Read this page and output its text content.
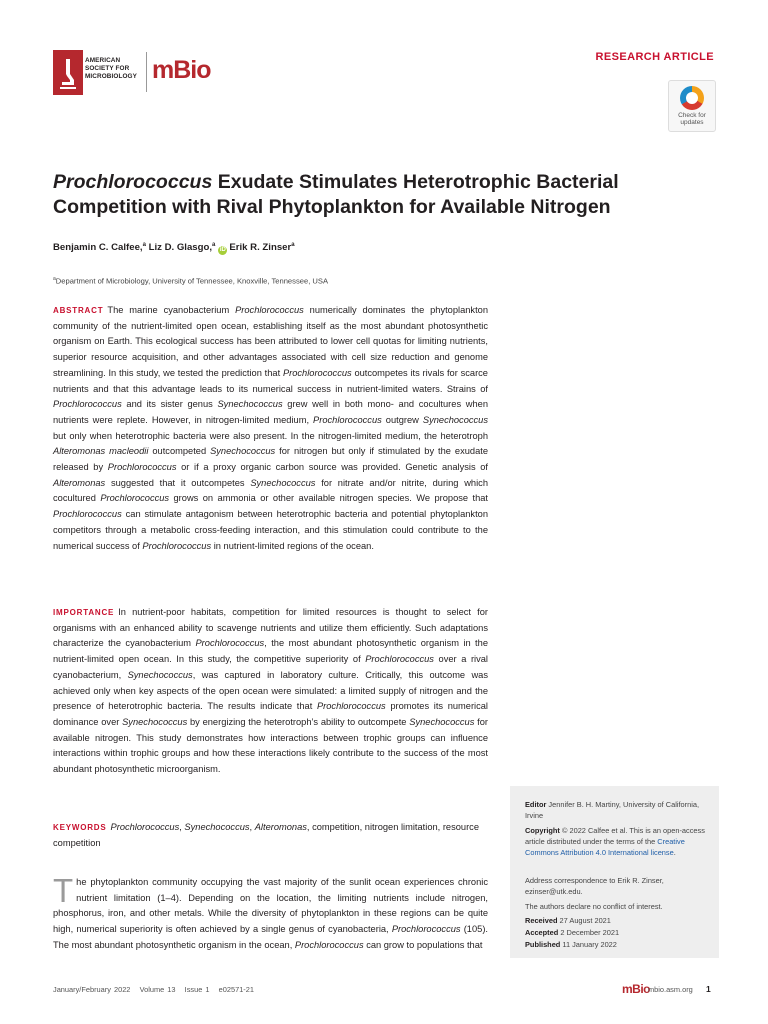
AMERICAN
SOCIETY FOR
MICROBIOLOGY mBio	RESEARCH ARTICLE
Check for updates
Prochlorococcus Exudate Stimulates Heterotrophic Bacterial Competition with Rival Phytoplankton for Available Nitrogen
Benjamin C. Calfee,$^a$ Liz D. Glasgo,$^a$iD Erik R. Zinser$^a$
$^a$Department of Microbiology, University of Tennessee, Knoxville, Tennessee, USA
ABSTRACT The marine cyanobacterium Prochlorococcus numerically dominates the phytoplankton community of the nutrient-limited open ocean, establishing itself as the most abundant photosynthetic organism on Earth. This ecological success has been attributed to lower cell quotas for limiting nutrients, superior resource acquisition, and other advantages associated with cell size reduction and genome streamlining. In this study, we tested the prediction that Prochlorococcus outcompetes its rivals for scarce nutrients and that this advantage leads to its numerical success in nutrient-limited waters. Strains of Prochlorococcus and its sister genus Synechococcus grew well in both mono- and cocultures when nutrients were replete. However, in nitrogen-limited medium, Prochlorococcus outgrew Synechococcus but only when heterotrophic bacteria were also present. In the nitrogen-limited medium, the heterotroph Alteromonas macleodii outcompeted Synechococcus for nitrogen but only if stimulated by the exudate released by Prochlorococcus or if a proxy organic carbon source was provided. Genetic analysis of Alteromonas suggested that it outcompetes Synechococcus for nitrate and/or nitrite, during which cocultured Prochlorococcus grows on ammonia or other available nitrogen species. We propose that Prochlorococcus can stimulate antagonism between heterotrophic bacteria and potential phytoplankton competitors through a metabolic cross-feeding interaction, and this stimulation could contribute to the numerical success of Prochlorococcus in nutrient-limited regions of the ocean.
IMPORTANCE In nutrient-poor habitats, competition for limited resources is thought to select for organisms with an enhanced ability to scavenge nutrients and utilize them efficiently. Such adaptations characterize the cyanobacterium Prochlorococcus, the most abundant photosynthetic organism in the nutrient-limited open ocean. In this study, the competitive superiority of Prochlorococcus over a rival cyanobacterium, Synechococcus, was captured in laboratory culture. Critically, this outcome was achieved only when key aspects of the open ocean were simulated: a limited supply of nitrogen and the presence of heterotrophic bacteria. The results indicate that Prochlorococcus promotes its numerical dominance over Synechococcus by energizing the heterotroph’s ability to outcompete Synechococcus for available nitrogen. This study demonstrates how interactions between trophic groups can influence interactions within trophic groups and how these interactions likely contribute to the success of the most abundant photosynthetic microorganism.
KEYWORDS Prochlorococcus, Synechococcus, Alteromonas, competition, nitrogen limitation, resource competition
The phytoplankton community occupying the vast majority of the sunlit ocean experiences chronic nutrient limitation (1–4). Depending on the location, the limiting nutrients include nitrogen, phosphorus, iron, and other metals. While the diversity of phytoplankton in these regions can be quite high, numerical superiority is often achieved by a single genus of cyanobacteria, Prochlorococcus (105). The most abundant photosynthetic organism in the ocean, Prochlorococcus can grow to populations that
Editor Jennifer B. H. Martiny, University of California, Irvine
Copyright © 2022 Calfee et al. This is an open-access article distributed under the terms of the Creative Commons Attribution 4.0 International license.
Address correspondence to Erik R. Zinser, ezinser@utk.edu.
The authors declare no conflict of interest.
Received 27 August 2021
Accepted 2 December 2021
Published 11 January 2022
January/February 2022   Volume 13   Issue 1   e02571-21	mBio
mbio.asm.org 1
